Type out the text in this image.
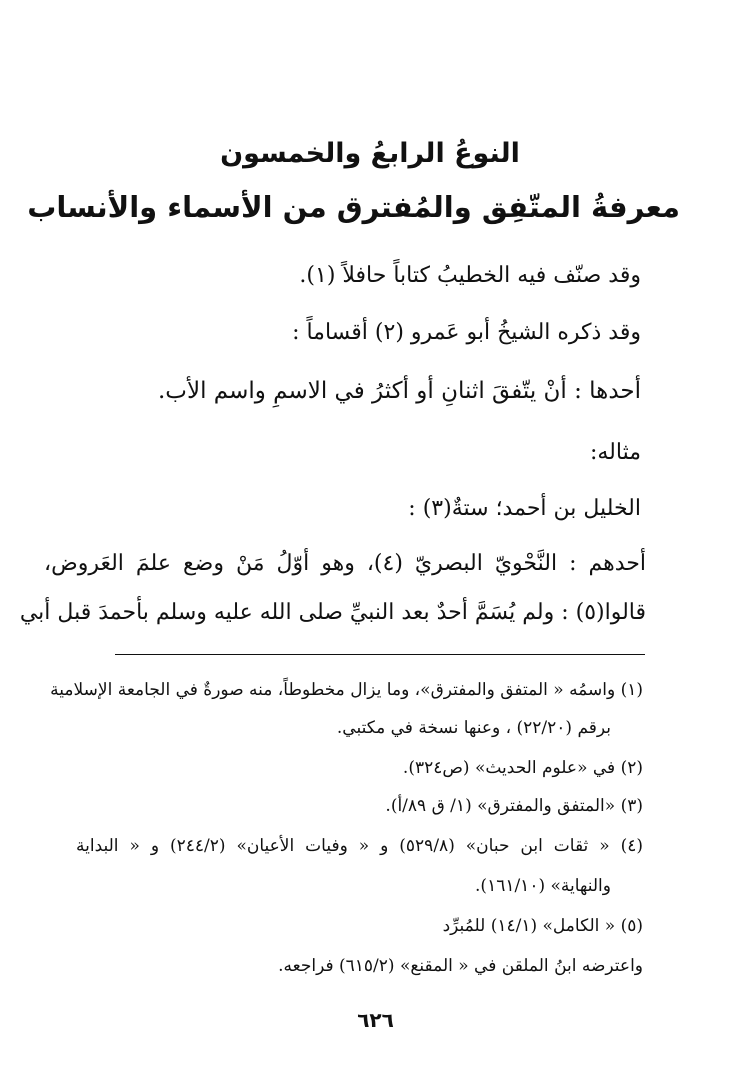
النوعُ الرابعُ والخمسون
معرفةُ المتّفِق والمُفترق من الأسماء والأنساب
وقد صنّف فيه الخطيبُ كتاباً حافلاً (١).
وقد ذكره الشيخُ أبو عَمرو (٢) أقساماً :
أحدها : أنْ يتّفقَ اثنانِ أو أكثرُ في الاسمِ واسم الأب.
مثاله:
الخليل بن أحمد؛ ستةٌ(٣) :
أحدهم : النَّحْويّ البصريّ (٤)، وهو أوّلُ مَنْ وضع علمَ العَروض،
قالوا(٥) : ولم يُسَمَّ أحدٌ بعد النبيِّ صلى الله عليه وسلم بأحمدَ قبل أبي
(١) واسمُه « المتفق والمفترق»، وما يزال مخطوطاً، منه صورةٌ في الجامعة الإسلامية
برقم (٢٢/٢٠) ، وعنها نسخة في مكتبي.
(٢) في «علوم الحديث» (ص٣٢٤).
(٣) «المتفق والمفترق» (١/ ق ٨٩/أ).
(٤) « ثقات ابن حبان» (٥٢٩/٨) و « وفيات الأعيان» (٢٤٤/٢) و « البداية
والنهاية» (١٦١/١٠).
(٥) « الكامل» (١٤/١) للمُبرِّد
واعترضه ابنُ الملقن في « المقنع» (٦١٥/٢) فراجعه.
٦٢٦
